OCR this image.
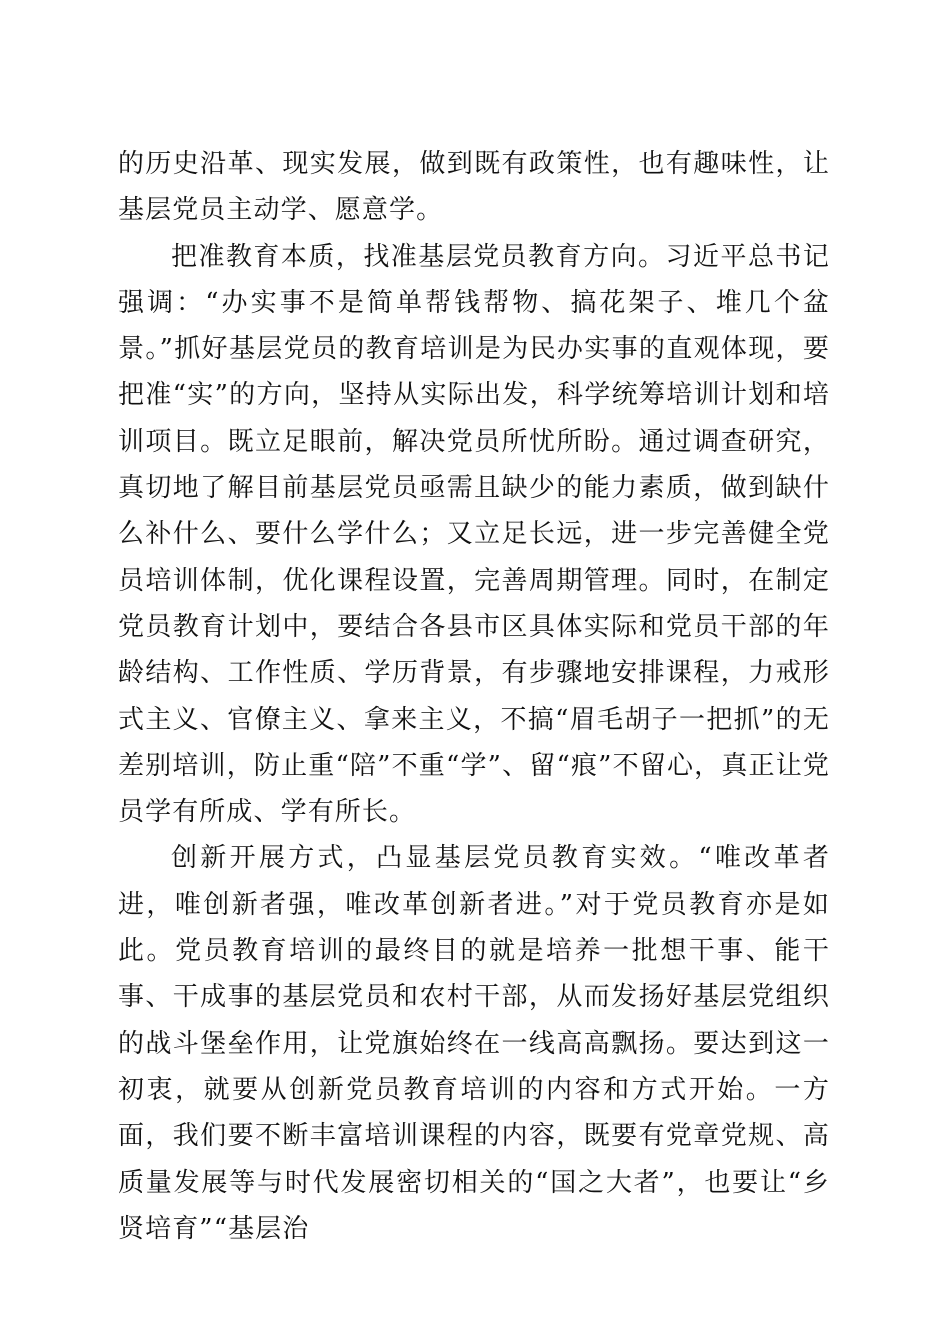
的历史沿革、现实发展，做到既有政策性，也有趣味性，让基层党员主动学、愿意学。

把准教育本质，找准基层党员教育方向。习近平总书记强调：“办实事不是简单帮钱帮物、搞花架子、堆几个盆景。”抓好基层党员的教育培训是为民办实事的直观体现，要把准“实”的方向，坚持从实际出发，科学统筹培训计划和培训项目。既立足眼前，解决党员所忧所盼。通过调查研究，真切地了解目前基层党员亟需且缺少的能力素质，做到缺什么补什么、要什么学什么；又立足长远，进一步完善健全党员培训体制，优化课程设置，完善周期管理。同时，在制定党员教育计划中，要结合各县市区具体实际和党员干部的年龄结构、工作性质、学历背景，有步骤地安排课程，力戒形式主义、官僚主义、拿来主义，不搞“眉毛胡子一把抓”的无差别培训，防止重“陪”不重“学”、留“痕”不留心，真正让党员学有所成、学有所长。

创新开展方式，凸显基层党员教育实效。“唯改革者进，唯创新者强，唯改革创新者进。”对于党员教育亦是如此。党员教育培训的最终目的就是培养一批想干事、能干事、干成事的基层党员和农村干部，从而发扬好基层党组织的战斗堡垒作用，让党旗始终在一线高高飘扬。要达到这一初衷，就要从创新党员教育培训的内容和方式开始。一方面，我们要不断丰富培训课程的内容，既要有党章党规、高质量发展等与时代发展密切相关的“国之大者”，也要让“乡贤培育”“基层治
